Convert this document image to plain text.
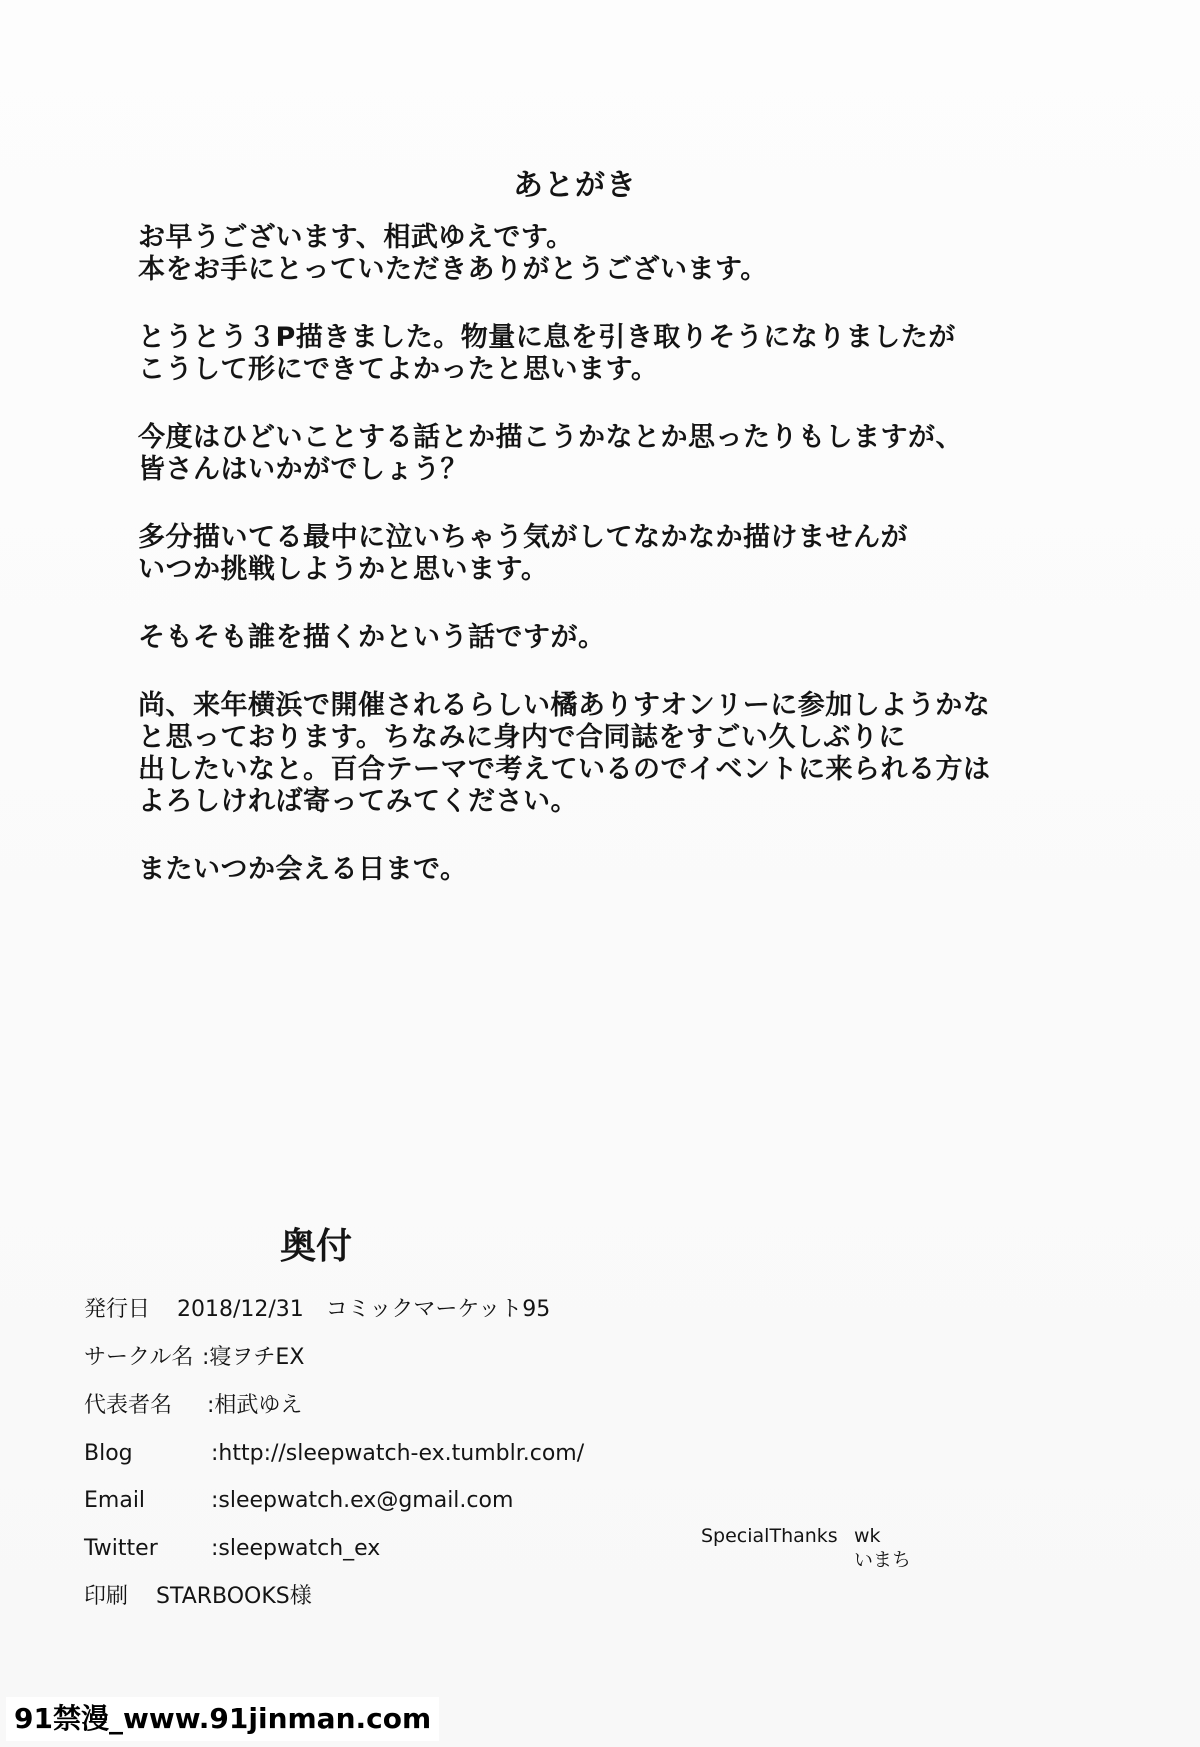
あとがき
お早うございます、相武ゆえです。
本をお手にとっていただきありがとうございます。
とうとう３P描きました。物量に息を引き取りそうになりましたが
こうして形にできてよかったと思います。
今度はひどいことする話とか描こうかなとか思ったりもしますが、
皆さんはいかがでしょう？
多分描いてる最中に泣いちゃう気がしてなかなか描けませんが
いつか挑戦しようかと思います。
そもそも誰を描くかという話ですが。
尚、来年横浜で開催されるらしい橘ありすオンリーに参加しようかな
と思っております。ちなみに身内で合同誌をすごい久しぶりに
出したいなと。百合テーマで考えているのでイベントに来られる方は
よろしければ寄ってみてください。
またいつか会える日まで。
奥付
発行日 2018/12/31　コミックマーケット95
サークル名 :寝ヲチEX
代表者名 :相武ゆえ
Blog	:http://sleepwatch-ex.tumblr.com/
Email	:sleepwatch.ex@gmail.com
Twitter :sleepwatch_ex
印刷 STARBOOKS様
SpecialThanks wk
いまち
91禁漫_www.91jinman.com
